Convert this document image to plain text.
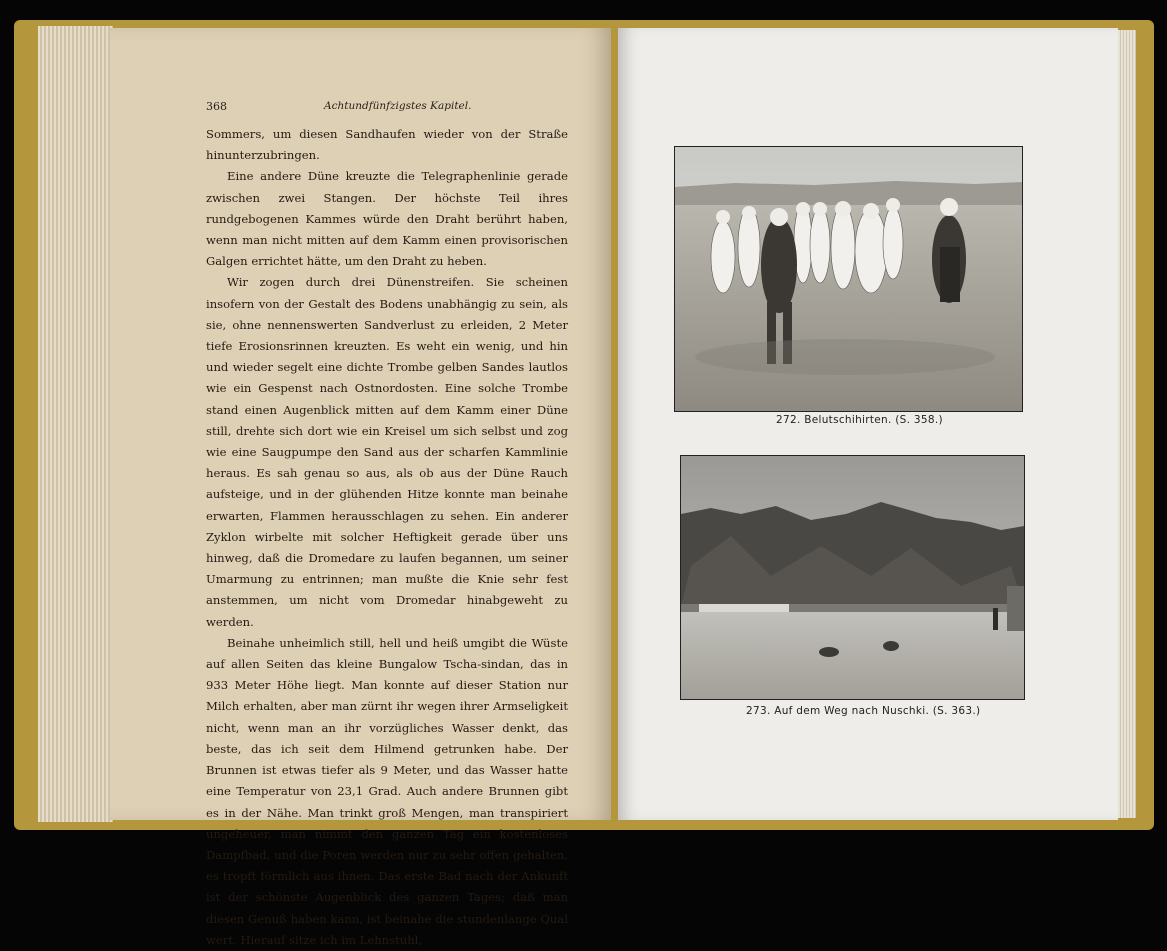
368	Achtundfünfzigstes Kapitel.

Sommers, um diesen Sandhaufen wieder von der Straße hinunterzubringen.

Eine andere Düne kreuzte die Telegraphenlinie gerade zwischen zwei Stangen. Der höchste Teil ihres rundgebogenen Kammes würde den Draht berührt haben, wenn man nicht mitten auf dem Kamm einen provisorischen Galgen errichtet hätte, um den Draht zu heben.

Wir zogen durch drei Dünenstreifen. Sie scheinen insofern von der Gestalt des Bodens unabhängig zu sein, als sie, ohne nennenswerten Sandverlust zu erleiden, 2 Meter tiefe Erosionsrinnen kreuzten. Es weht ein wenig, und hin und wieder segelt eine dichte Trombe gelben Sandes lautlos wie ein Gespenst nach Ostnordosten. Eine solche Trombe stand einen Augenblick mitten auf dem Kamm einer Düne still, drehte sich dort wie ein Kreisel um sich selbst und zog wie eine Saugpumpe den Sand aus der scharfen Kammlinie heraus. Es sah genau so aus, als ob aus der Düne Rauch aufsteige, und in der glühenden Hitze konnte man beinahe erwarten, Flammen herausschlagen zu sehen. Ein anderer Zyklon wirbelte mit solcher Heftigkeit gerade über uns hinweg, daß die Dromedare zu laufen begannen, um seiner Umarmung zu entrinnen; man mußte die Knie sehr fest anstemmen, um nicht vom Dromedar hinabgeweht zu werden.

Beinahe unheimlich still, hell und heiß umgibt die Wüste auf allen Seiten das kleine Bungalow Tscha-sindan, das in 933 Meter Höhe liegt. Man konnte auf dieser Station nur Milch erhalten, aber man zürnt ihr wegen ihrer Armseligkeit nicht, wenn man an ihr vorzügliches Wasser denkt, das beste, das ich seit dem Hilmend getrunken habe. Der Brunnen ist etwas tiefer als 9 Meter, und das Wasser hatte eine Temperatur von 23,1 Grad. Auch andere Brunnen gibt es in der Nähe. Man trinkt groß Mengen, man transpiriert ungeheuer, man nimmt den ganzen Tag ein kostenloses Dampfbad, und die Poren werden nur zu sehr offen gehalten, es tropft förmlich aus ihnen. Das erste Bad nach der Ankunft ist der schönste Augenblick des ganzen Tages; daß man diesen Genuß haben kann, ist beinahe die stundenlange Qual wert. Hierauf sitze ich im Lehnstuhl,

272. Belutschihirten. (S. 358.)
273. Auf dem Weg nach Nuschki. (S. 363.)
